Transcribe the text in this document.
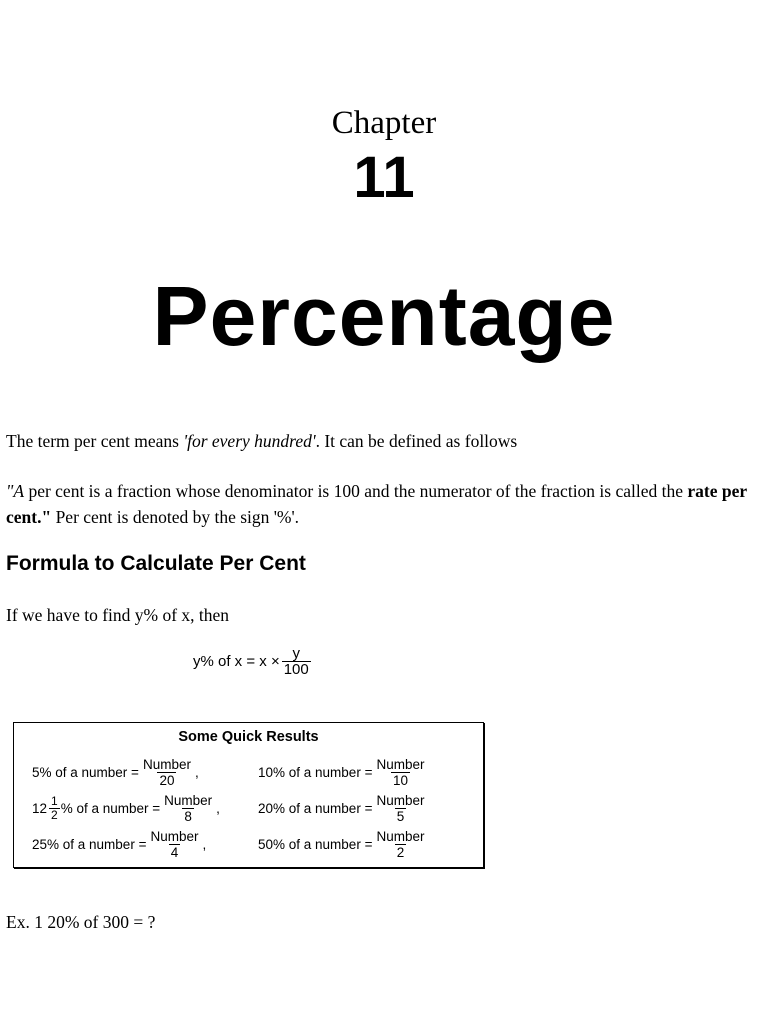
Chapter
11
Percentage
The term per cent means 'for every hundred'. It can be defined as follows
"A per cent is a fraction whose denominator is 100 and the numerator of the fraction is called the rate per cent." Per cent is denoted by the sign '%'.
Formula to Calculate Per Cent
If we have to find y% of x, then
y% of $x = x \times \frac{y}{100}$
Some Quick Results
5% of a number = $\frac{\text{Number}}{20}$ ,	10% of a number = $\frac{\text{Number}}{10}$
$12 \frac{1}{2}$ % of a number = $\frac{\text{Number}}{8}$ ,	20% of a number = $\frac{\text{Number}}{5}$
25% of a number = $\frac{\text{Number}}{4}$ ,	50% of a number = $\frac{\text{Number}}{2}$
Ex. 1 20% of 300 = ?
